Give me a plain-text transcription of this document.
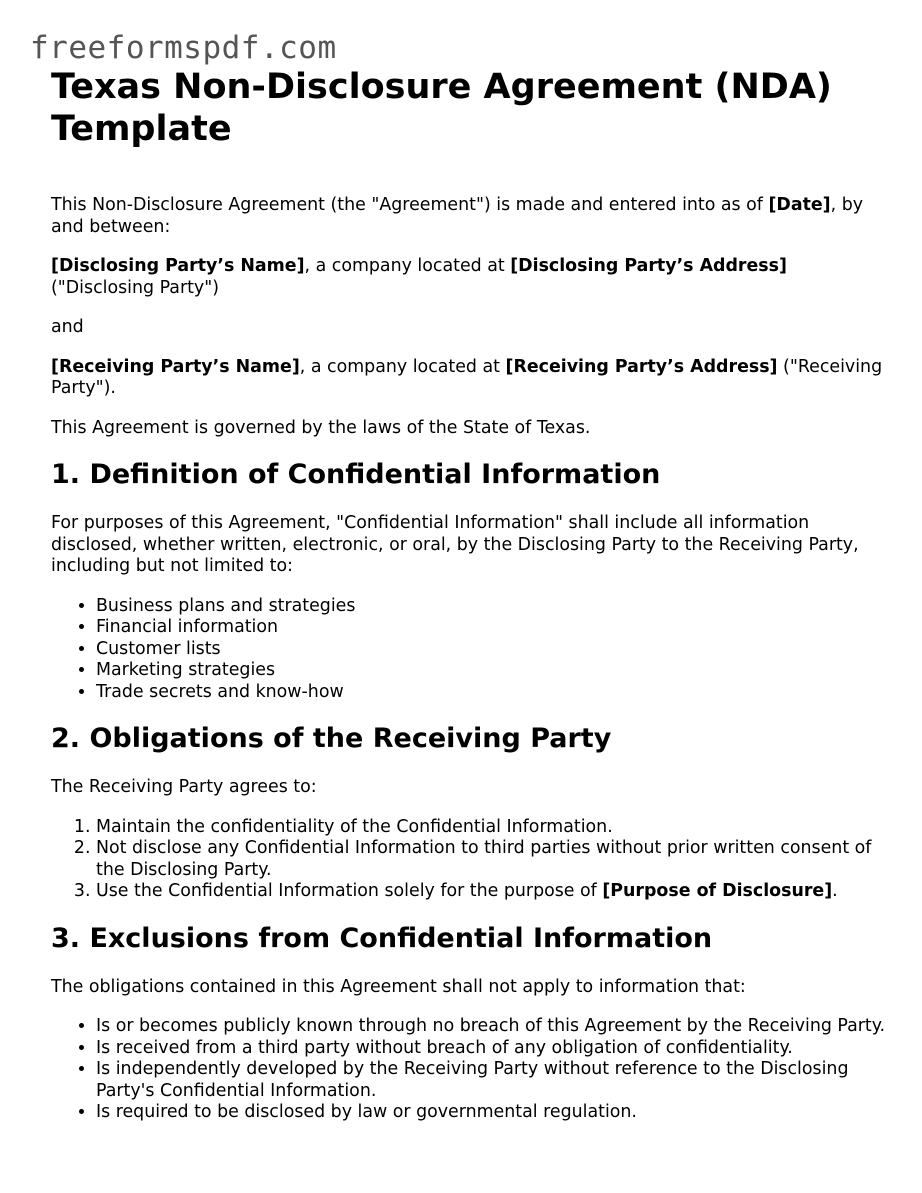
freeformspdf.com
Texas Non-Disclosure Agreement (NDA) Template

This Non-Disclosure Agreement (the "Agreement") is made and entered into as of [Date], by and between:

[Disclosing Party’s Name], a company located at [Disclosing Party’s Address] ("Disclosing Party")

and

[Receiving Party’s Name], a company located at [Receiving Party’s Address] ("Receiving Party").

This Agreement is governed by the laws of the State of Texas.

1. Definition of Confidential Information

For purposes of this Agreement, "Confidential Information" shall include all information disclosed, whether written, electronic, or oral, by the Disclosing Party to the Receiving Party, including but not limited to:

• Business plans and strategies
• Financial information
• Customer lists
• Marketing strategies
• Trade secrets and know-how
2. Obligations of the Receiving Party

The Receiving Party agrees to:

1. Maintain the confidentiality of the Confidential Information.
2. Not disclose any Confidential Information to third parties without prior written consent of the Disclosing Party.
3. Use the Confidential Information solely for the purpose of [Purpose of Disclosure].
3. Exclusions from Confidential Information

The obligations contained in this Agreement shall not apply to information that:

• Is or becomes publicly known through no breach of this Agreement by the Receiving Party.
• Is received from a third party without breach of any obligation of confidentiality.
• Is independently developed by the Receiving Party without reference to the Disclosing Party's Confidential Information.
• Is required to be disclosed by law or governmental regulation.
